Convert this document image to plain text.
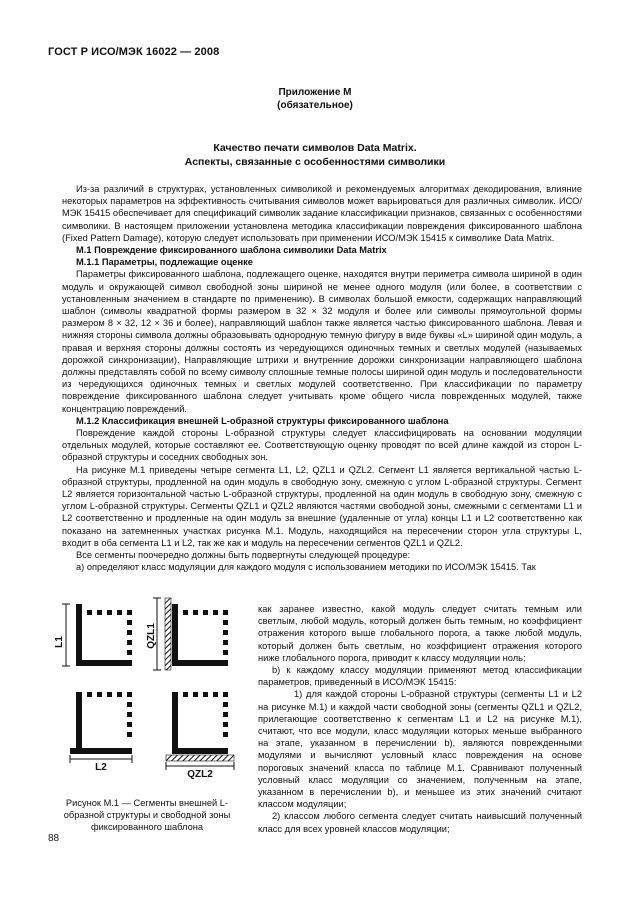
ГОСТ Р ИСО/МЭК 16022 — 2008
Приложение М
(обязательное)
Качество печати символов Data Matrix.
Аспекты, связанные с особенностями символики

Из-за различий в структурах, установленных символикой и рекомендуемых алгоритмах декодирования, влияние некоторых параметров на эффективность считывания символов может варьироваться для различных символик. ИСО/МЭК 15415 обеспечивает для спецификаций символик задание классификации признаков, связанных с особенностями символики. В настоящем приложении установлена методика классификации повреждения фиксированного шаблона (Fixed Pattern Damage), которую следует использовать при применении ИСО/МЭК 15415 к символике Data Matrix.

М.1 Повреждение фиксированного шаблона символики Data Matrix

М.1.1 Параметры, подлежащие оценке

Параметры фиксированного шаблона, подлежащего оценке, находятся внутри периметра символа шириной в один модуль и окружающей символ свободной зоны шириной не менее одного модуля (или более, в соответствии с установленным значением в стандарте по применению). В символах большой емкости, содержащих направляющий шаблон (символы квадратной формы размером в 32 × 32 модуля и более или символы прямоугольной формы размером 8 × 32, 12 × 36 и более), направляющий шаблон также является частью фиксированного шаблона. Левая и нижняя стороны символа должны образовывать однородную темную фигуру в виде буквы «L» шириной один модуль, а правая и верхняя стороны должны состоять из чередующихся одиночных темных и светлых модулей (называемых дорожкой синхронизации). Направляющие штрихи и внутренние дорожки синхронизации направляющего шаблона должны представлять собой по всему символу сплошные темные полосы шириной один модуль и последовательности из чередующихся одиночных темных и светлых модулей соответственно. При классификации по параметру повреждение фиксированного шаблона следует учитывать кроме общего числа поврежденных модулей, также концентрацию повреждений.

М.1.2 Классификация внешней L-образной структуры фиксированного шаблона

Повреждение каждой стороны L-образной структуры следует классифицировать на основании модуляции отдельных модулей, которые составляют ее. Соответствующую оценку проводят по всей длине каждой из сторон L-образной структуры и соседних свободных зон.

На рисунке М.1 приведены четыре сегмента L1, L2, QZL1 и QZL2. Сегмент L1 является вертикальной частью L-образной структуры, продленной на один модуль в свободную зону, смежную с углом L-образной структуры. Сегмент L2 является горизонтальной частью L-образной структуры, продленной на один модуль в свободную зону, смежную с углом L-образной структуры. Сегменты QZL1 и QZL2 являются частями свободной зоны, смежными с сегментами L1 и L2 соответственно и продленные на один модуль за внешние (удаленные от угла) концы L1 и L2 соответственно как показано на затемненных участках рисунка М.1. Модуль, находящийся на пересечении сторон угла структуры L, входит в оба сегмента L1 и L2, так же как и модуль на пересечении сегментов QZL1 и QZL2.

Все сегменты поочередно должны быть подвергнуты следующей процедуре:

а) определяют класс модуляции для каждого модуля с использованием методики по ИСО/МЭК 15415. Так

L1	QZL1
L2
QZL2
Рисунок М.1 — Сегменты внешней L-образной структуры и свободной зоны фиксированного шаблона

как заранее известно, какой модуль следует считать темным или светлым, любой модуль, который должен быть темным, но коэффициент отражения которого выше глобального порога, а также любой модуль, который должен быть светлым, но коэффициент отражения которого ниже глобального порога, приводит к классу модуляции ноль;

b) к каждому классу модуляции применяют метод классификации параметров, приведенный в ИСО/МЭК 15415:

1) для каждой стороны L-образной структуры (сегменты L1 и L2 на рисунке М.1) и каждой части свободной зоны (сегменты QZL1 и QZL2, прилегающие соответственно к сегментам L1 и L2 на рисунке М.1), считают, что все модули, класс модуляции которых меньше выбранного на этапе, указанном в перечислении b), являются поврежденными модулями и вычисляют условный класс повреждения на основе пороговых значений класса по таблице М.1. Сравнивают полученный условный класс модуляции со значением, полученным на этапе, указанном в перечислении b), и меньшее из этих значений считают классом модуляции;

2) классом любого сегмента следует считать наивысший полученный класс для всех уровней классов модуляции;

88
